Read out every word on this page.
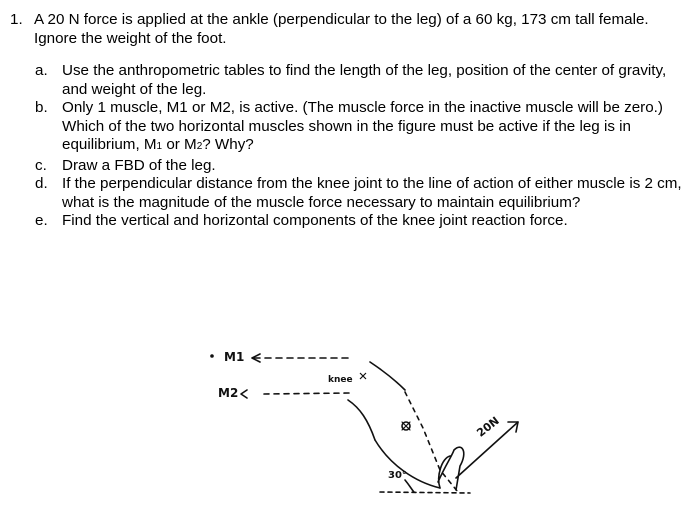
1. A 20 N force is applied at the ankle (perpendicular to the leg) of a 60 kg, 173 cm tall female. Ignore the weight of the foot.
a. Use the anthropometric tables to find the length of the leg, position of the center of gravity, and weight of the leg.
b. Only 1 muscle, M1 or M2, is active. (The muscle force in the inactive muscle will be zero.) Which of the two horizontal muscles shown in the figure must be active if the leg is in equilibrium, M1 or M2? Why?
c. Draw a FBD of the leg.
d. If the perpendicular distance from the knee joint to the line of action of either muscle is 2 cm, what is the magnitude of the muscle force necessary to maintain equilibrium?
e. Find the vertical and horizontal components of the knee joint reaction force.
M1
M2
knee
30°
20N
